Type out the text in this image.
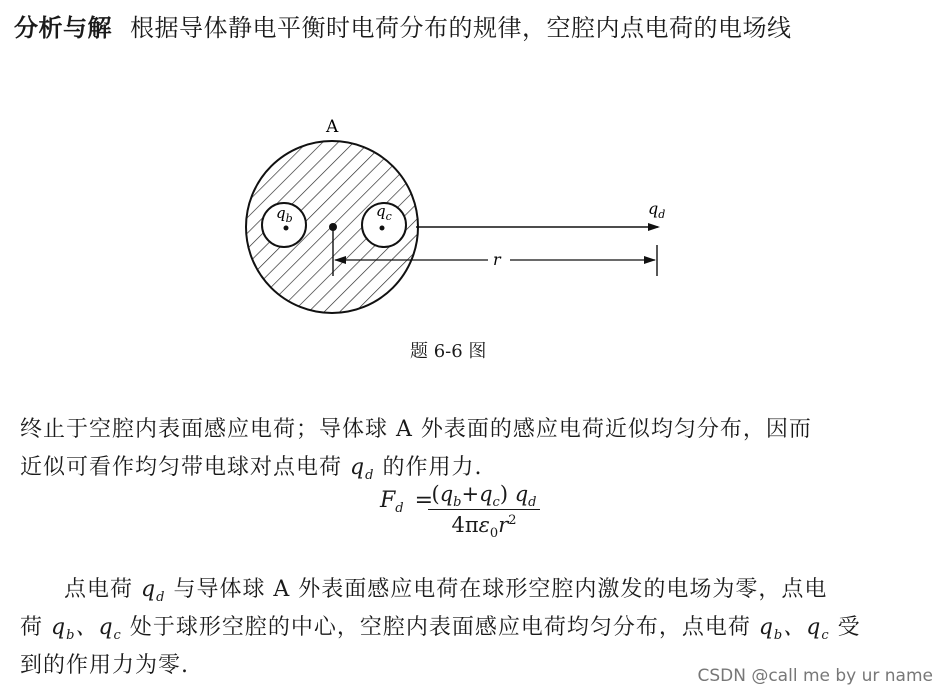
分析与解 根据导体静电平衡时电荷分布的规律，空腔内点电荷的电场线
A
$q_b$	$q_c$	$q_d$
r
题 6-6 图
终止于空腔内表面感应电荷；导体球 A 外表面的感应电荷近似均匀分布，因而
近似可看作均匀带电球对点电荷 $q_d$ 的作用力.
$F_d$ =
$\frac{(q_b+q_c) q_d}{4\pi\varepsilon_0r^2}$
点电荷 $q_d$ 与导体球 A 外表面感应电荷在球形空腔内激发的电场为零，点电
荷 $q_b$、$q_c$ 处于球形空腔的中心，空腔内表面感应电荷均匀分布，点电荷 $q_b$、$q_c$ 受
到的作用力为零.	CSDN @call me by ur name
